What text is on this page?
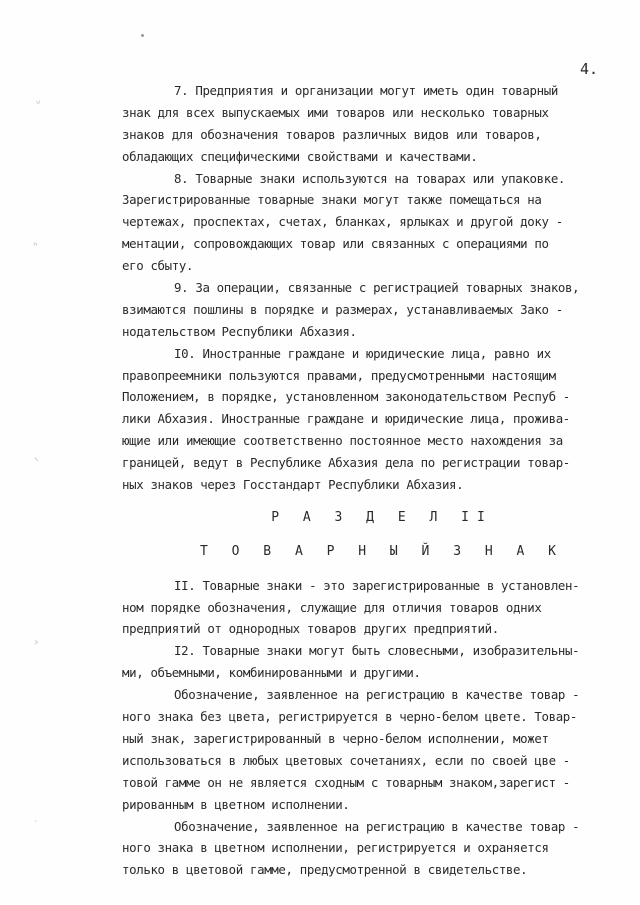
ᐡ
ᐢ
ᐠ
ᐣ
ᐧ
4.
7. Предприятия и организации могут иметь один товарный
знак для всех выпускаемых ими товаров или несколько товарных
знаков для обозначения товаров различных видов или товаров,
обладающих специфическими свойствами и качествами.
8. Товарные знаки используются на товарах или упаковке.
Зарегистрированные товарные знаки могут также помещаться на
чертежах, проспектах, счетах, бланках, ярлыках и другой доку -
ментации, сопровождающих товар или связанных с операциями по
его сбыту.
9. За операции, связанные с регистрацией товарных знаков,
взимаются пошлины в порядке и размерах, устанавливаемых Зако -
нодательством Республики Абхазия.
I0. Иностранные граждане и юридические лица, равно их
правопреемники пользуются правами, предусмотренными настоящим
Положением, в порядке, установленном законодательством Респуб -
лики Абхазия. Иностранные граждане и юридические лица, прожива-
ющие или имеющие соответственно постоянное место нахождения за
границей, ведут в Республике Абхазия дела по регистрации товар-
ных знаков через Госстандарт Республики Абхазия.
Р А З Д Е Л II
Т О В А Р Н Ы Й З Н А К
II. Товарные знаки - это зарегистрированные в установлен-
ном порядке обозначения, служащие для отличия товаров одних
предприятий от однородных товаров других предприятий.
I2. Товарные знаки могут быть словесными, изобразительны-
ми, объемными, комбинированными и другими.
Обозначение, заявленное на регистрацию в качестве товар -
ного знака без цвета, регистрируется в черно-белом цвете. Товар-
ный знак, зарегистрированный в черно-белом исполнении, может
использоваться в любых цветовых сочетаниях, если по своей цве -
товой гамме он не является сходным с товарным знаком,зарегист -
рированным в цветном исполнении.
Обозначение, заявленное на регистрацию в качестве товар -
ного знака в цветном исполнении, регистрируется и охраняется
только в цветовой гамме, предусмотренной в свидетельстве.
